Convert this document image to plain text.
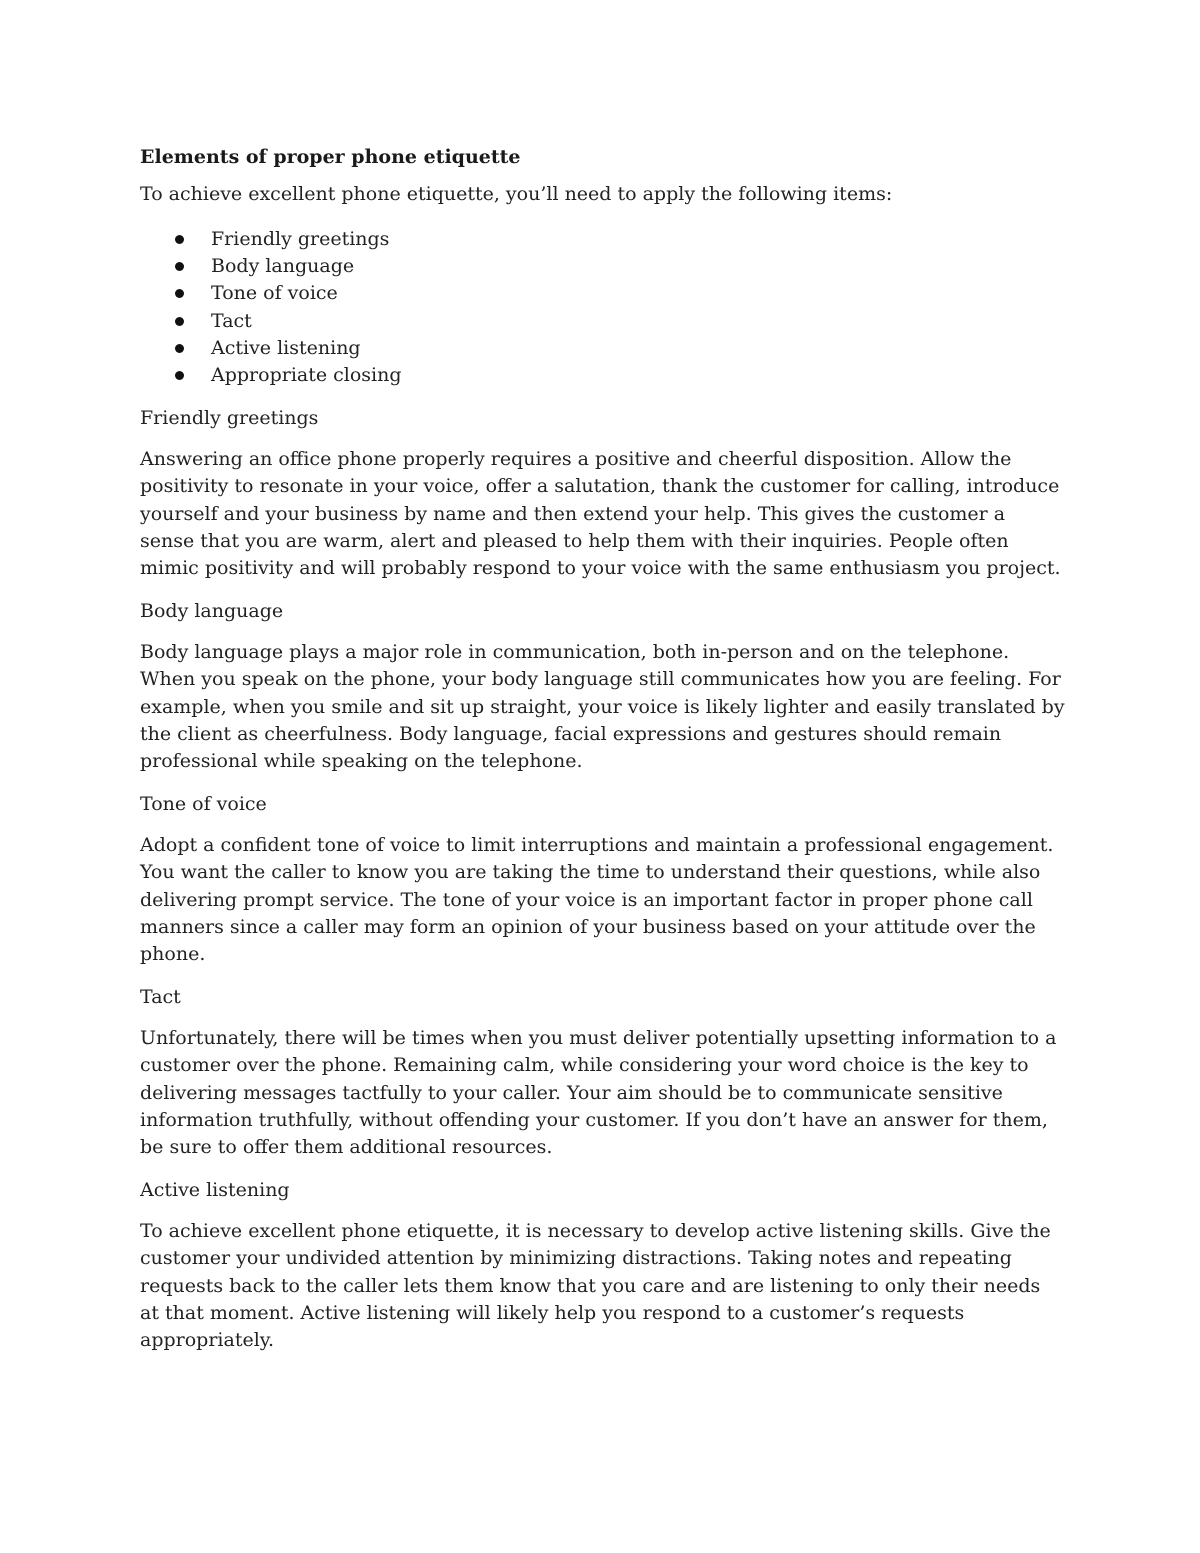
Elements of proper phone etiquette

To achieve excellent phone etiquette, you’ll need to apply the following items:

Friendly greetings
Body language
Tone of voice
Tact
Active listening
Appropriate closing
Friendly greetings

Answering an office phone properly requires a positive and cheerful disposition. Allow the positivity to resonate in your voice, offer a salutation, thank the customer for calling, introduce yourself and your business by name and then extend your help. This gives the customer a sense that you are warm, alert and pleased to help them with their inquiries. People often mimic positivity and will probably respond to your voice with the same enthusiasm you project.

Body language

Body language plays a major role in communication, both in-person and on the telephone. When you speak on the phone, your body language still communicates how you are feeling. For example, when you smile and sit up straight, your voice is likely lighter and easily translated by the client as cheerfulness. Body language, facial expressions and gestures should remain professional while speaking on the telephone.

Tone of voice

Adopt a confident tone of voice to limit interruptions and maintain a professional engagement. You want the caller to know you are taking the time to understand their questions, while also delivering prompt service. The tone of your voice is an important factor in proper phone call manners since a caller may form an opinion of your business based on your attitude over the phone.

Tact

Unfortunately, there will be times when you must deliver potentially upsetting information to a customer over the phone. Remaining calm, while considering your word choice is the key to delivering messages tactfully to your caller. Your aim should be to communicate sensitive information truthfully, without offending your customer. If you don’t have an answer for them, be sure to offer them additional resources.

Active listening

To achieve excellent phone etiquette, it is necessary to develop active listening skills. Give the customer your undivided attention by minimizing distractions. Taking notes and repeating requests back to the caller lets them know that you care and are listening to only their needs at that moment. Active listening will likely help you respond to a customer’s requests appropriately.
